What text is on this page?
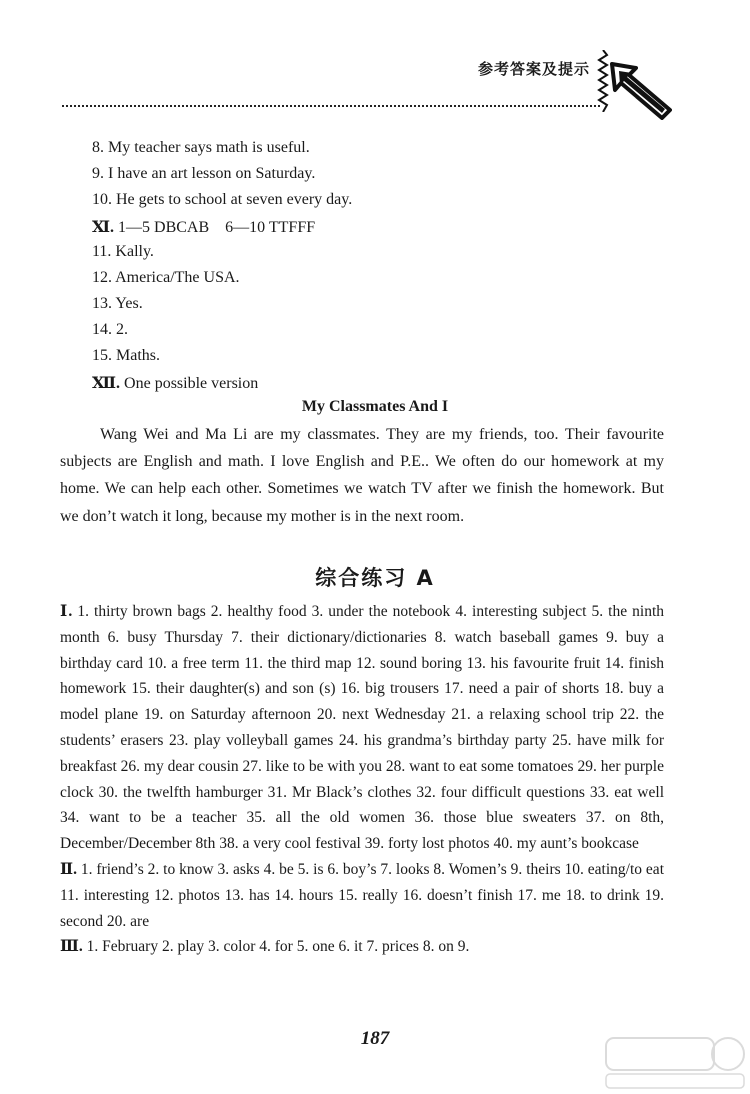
参考答案及提示
8. My teacher says math is useful.
9. I have an art lesson on Saturday.
10. He gets to school at seven every day.
Ⅺ. 1—5 DBCAB    6—10 TTFFF
11. Kally.
12. America/The USA.
13. Yes.
14. 2.
15. Maths.
Ⅻ. One possible version
My Classmates And I
Wang Wei and Ma Li are my classmates. They are my friends, too. Their favourite subjects are English and math. I love English and P.E.. We often do our homework at my home. We can help each other. Sometimes we watch TV after we finish the homework. But we don’t watch it long, because my mother is in the next room.
综合练习 A
Ⅰ. 1. thirty brown bags 2. healthy food 3. under the notebook 4. interesting subject 5. the ninth month 6. busy Thursday 7. their dictionary/dictionaries 8. watch baseball games 9. buy a birthday card 10. a free term 11. the third map 12. sound boring 13. his favourite fruit 14. finish homework 15. their daughter(s) and son (s) 16. big trousers 17. need a pair of shorts 18. buy a model plane 19. on Saturday afternoon 20. next Wednesday 21. a relaxing school trip 22. the students’ erasers 23. play volleyball games 24. his grandma’s birthday party 25. have milk for breakfast 26. my dear cousin 27. like to be with you 28. want to eat some tomatoes 29. her purple clock 30. the twelfth hamburger 31. Mr Black’s clothes 32. four difficult questions 33. eat well 34. want to be a teacher 35. all the old women 36. those blue sweaters 37. on 8th, December/December 8th 38. a very cool festival 39. forty lost photos 40. my aunt’s bookcase
Ⅱ. 1. friend’s 2. to know 3. asks 4. be 5. is 6. boy’s 7. looks 8. Women’s 9. theirs 10. eating/to eat 11. interesting 12. photos 13. has 14. hours 15. really 16. doesn’t finish 17. me 18. to drink 19. second 20. are
Ⅲ. 1. February 2. play 3. color 4. for 5. one 6. it 7. prices 8. on 9.
187
